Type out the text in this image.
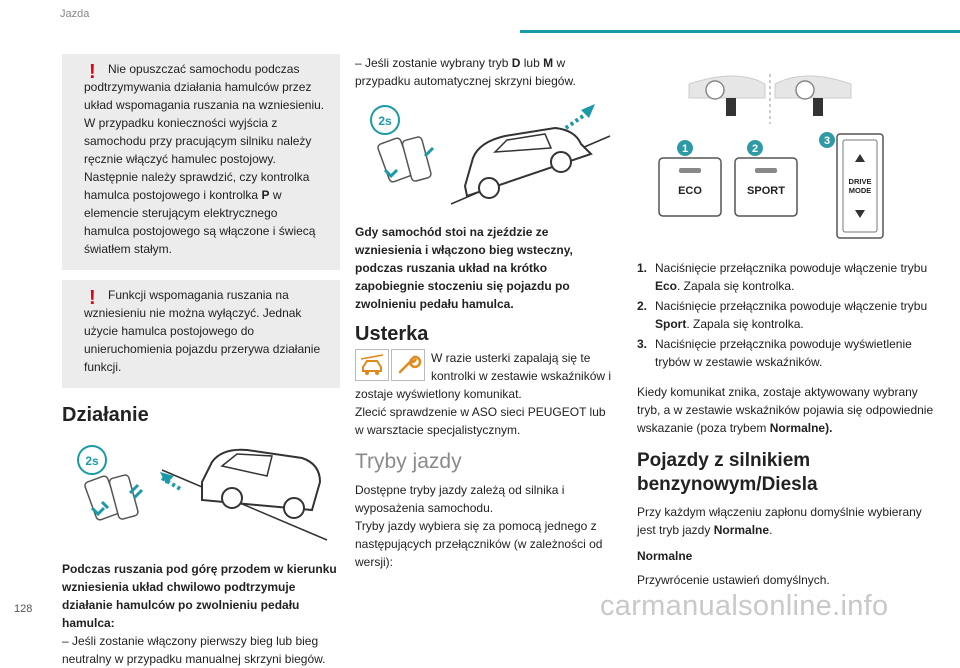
Jazda
!	Nie opuszczać samochodu podczas
podtrzymywania działania hamulców przez układ wspomagania ruszania na wzniesieniu. W przypadku konieczności wyjścia z samochodu przy pracującym silniku należy ręcznie włączyć hamulec postojowy. Następnie należy sprawdzić, czy kontrolka hamulca postojowego i kontrolka P w elemencie sterującym elektrycznego hamulca postojowego są włączone i świecą światłem stałym.

!	Funkcji wspomagania ruszania na
wzniesieniu nie można wyłączyć. Jednak użycie hamulca postojowego do unieruchomienia pojazdu przerywa działanie funkcji.

Działanie
2s

Podczas ruszania pod górę przodem w kierunku wzniesienia układ chwilowo podtrzymuje działanie hamulców po zwolnieniu pedału hamulca:

– Jeśli zostanie włączony pierwszy bieg lub bieg neutralny w przypadku manualnej skrzyni biegów.

– Jeśli zostanie wybrany tryb D lub M w przypadku automatycznej skrzyni biegów.

2s

Gdy samochód stoi na zjeździe ze wzniesienia i włączono bieg wsteczny, podczas ruszania układ na krótko zapobiegnie stoczeniu się pojazdu po zwolnieniu pedału hamulca.

Usterka

W razie usterki zapalają się te kontrolki w zestawie wskaźników i zostaje wyświetlony komunikat.

Zlecić sprawdzenie w ASO sieci PEUGEOT lub w warsztacie specjalistycznym.

Tryby jazdy

Dostępne tryby jazdy zależą od silnika i wyposażenia samochodu.

Tryby jazdy wybiera się za pomocą jednego z następujących przełączników (w zależności od wersji):

1
ECO
2
SPORT
3
DRIVE
MODE
1. Naciśnięcie przełącznika powoduje włączenie trybu Eco. Zapala się kontrolka.
2. Naciśnięcie przełącznika powoduje włączenie trybu Sport. Zapala się kontrolka.
3. Naciśnięcie przełącznika powoduje wyświetlenie trybów w zestawie wskaźników.

Kiedy komunikat znika, zostaje aktywowany wybrany tryb, a w zestawie wskaźników pojawia się odpowiednie wskazanie (poza trybem Normalne).

Pojazdy z silnikiem benzynowym/Diesla

Przy każdym włączeniu zapłonu domyślnie wybierany jest tryb jazdy Normalne.

Normalne

Przywrócenie ustawień domyślnych.

128	carmanualsonline.info
